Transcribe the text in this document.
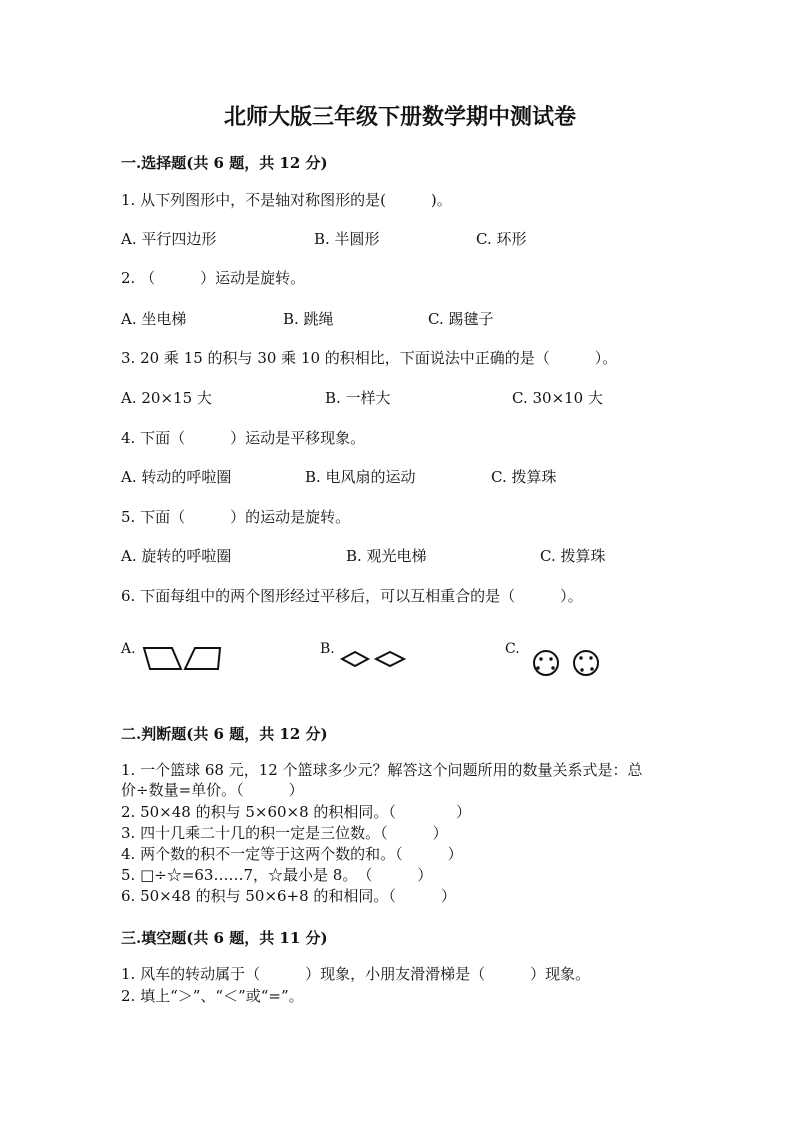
北师大版三年级下册数学期中测试卷
一.选择题(共 6 题，共 12 分)
1. 从下列图形中，不是轴对称图形的是(　　　)。
A. 平行四边形	B. 半圆形	C. 环形
2. （　　　）运动是旋转。
A. 坐电梯	B. 跳绳	C. 踢毽子
3. 20 乘 15 的积与 30 乘 10 的积相比，下面说法中正确的是（　　　）。
A. 20×15 大	B. 一样大	C. 30×10 大
4. 下面（　　　）运动是平移现象。
A. 转动的呼啦圈	B. 电风扇的运动	C. 拨算珠
5. 下面（　　　）的运动是旋转。
A. 旋转的呼啦圈	B. 观光电梯	C. 拨算珠
6. 下面每组中的两个图形经过平移后，可以互相重合的是（　　　）。
A.	B.	C.
二.判断题(共 6 题，共 12 分)
1. 一个篮球 68 元，12 个篮球多少元？解答这个问题所用的数量关系式是：总
价÷数量=单价。（　　　）
2. 50×48 的积与 5×60×8 的积相同。（　　　　）
3. 四十几乘二十几的积一定是三位数。（　　　）
4. 两个数的积不一定等于这两个数的和。（　　　）
5. □÷☆=63……7，☆最小是 8。　（　　　）
6. 50×48 的积与 50×6+8 的和相同。（　　　）
三.填空题(共 6 题，共 11 分)
1. 风车的转动属于（　　　）现象，小朋友滑滑梯是（　　　）现象。
2. 填上“＞”、“＜”或“=”。
